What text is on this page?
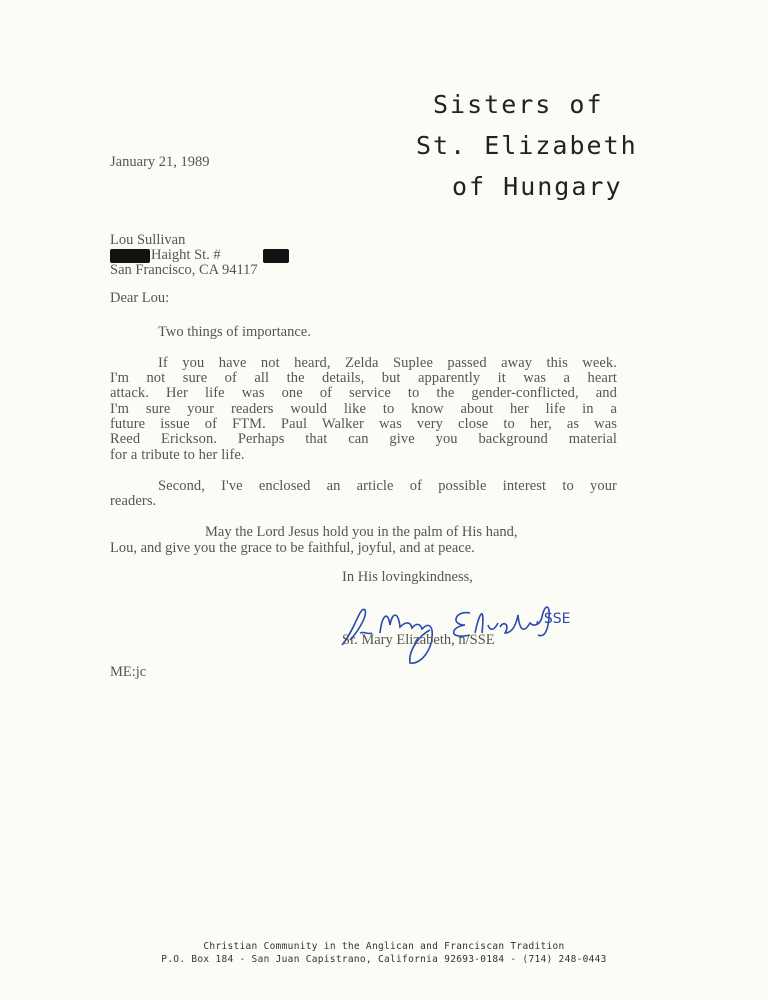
Sisters of
St. Elizabeth
of Hungary
January 21, 1989
Lou Sullivan
Haight St. #
San Francisco, CA 94117
Dear Lou:
Two things of importance.
If you have not heard, Zelda Suplee passed away this week.
I'm not sure of all the details, but apparently it was a heart
attack. Her life was one of service to the gender-conflicted, and
I'm sure your readers would like to know about her life in a
future issue of FTM. Paul Walker was very close to her, as was
Reed Erickson. Perhaps that can give you background material
for a tribute to her life.
Second, I've enclosed an article of possible interest to your
readers.
May the Lord Jesus hold you in the palm of His hand,
Lou, and give you the grace to be faithful, joyful, and at peace.
In His lovingkindness,
, SSE
Sr. Mary Elizabeth, n/SSE
ME:jc
Christian Community in the Anglican and Franciscan Tradition
P.O. Box 184 - San Juan Capistrano, California 92693-0184 - (714) 248-0443
